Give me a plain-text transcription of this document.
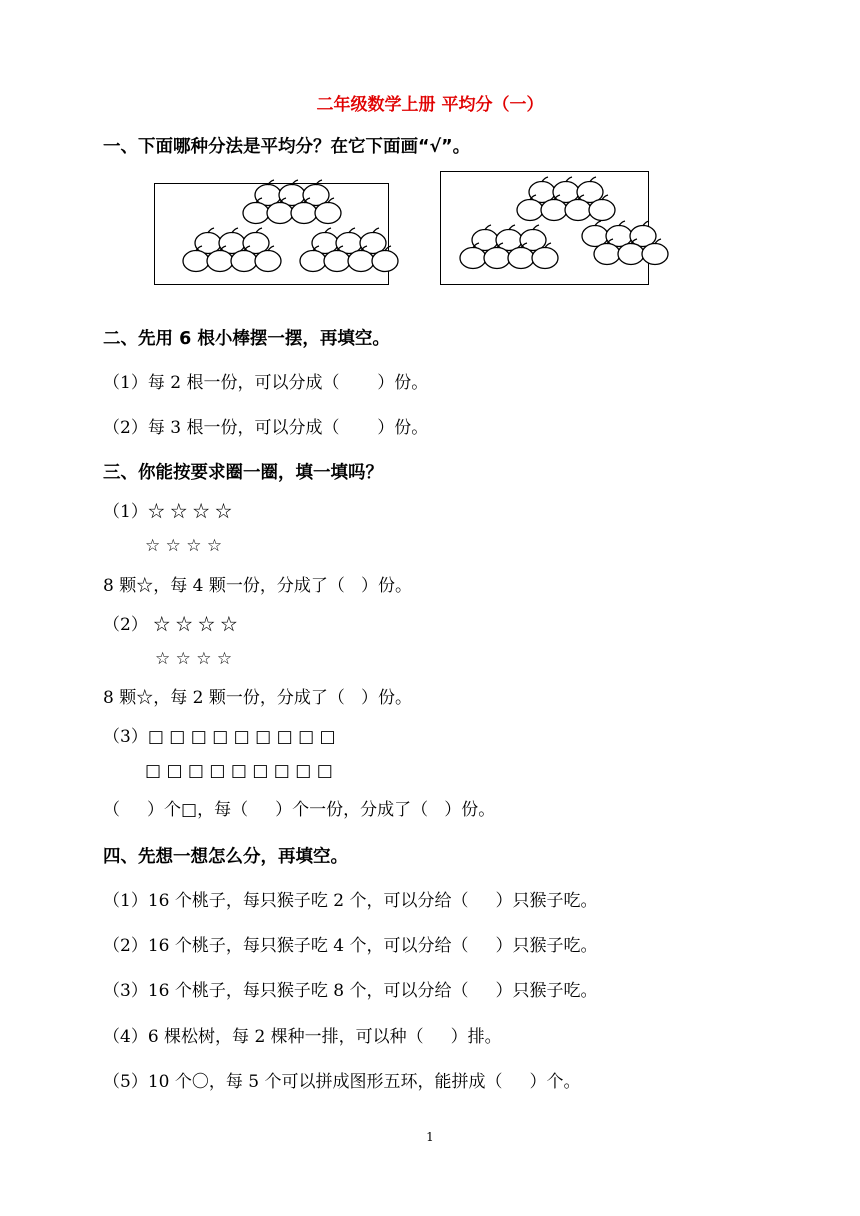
二年级数学上册 平均分（一）
一、下面哪种分法是平均分？在它下面画“√”。
二、先用 6 根小棒摆一摆，再填空。
（1）每 2 根一份，可以分成（       ）份。
（2）每 3 根一份，可以分成（       ）份。
三、你能按要求圈一圈，填一填吗？
（1）☆ ☆ ☆ ☆
☆ ☆ ☆ ☆
8 颗☆，每 4 颗一份，分成了（   ）份。
（2） ☆ ☆ ☆ ☆
☆ ☆ ☆ ☆
8 颗☆，每 2 颗一份，分成了（   ）份。
（3）□ □ □ □ □ □ □ □ □
□ □ □ □ □ □ □ □ □
（     ）个□，每（     ）个一份，分成了（   ）份。
四、先想一想怎么分，再填空。
（1）16 个桃子，每只猴子吃 2 个，可以分给（     ）只猴子吃。
（2）16 个桃子，每只猴子吃 4 个，可以分给（     ）只猴子吃。
（3）16 个桃子，每只猴子吃 8 个，可以分给（     ）只猴子吃。
（4）6 棵松树，每 2 棵种一排，可以种（     ）排。
（5）10 个〇，每 5 个可以拼成图形五环，能拼成（     ）个。
1
